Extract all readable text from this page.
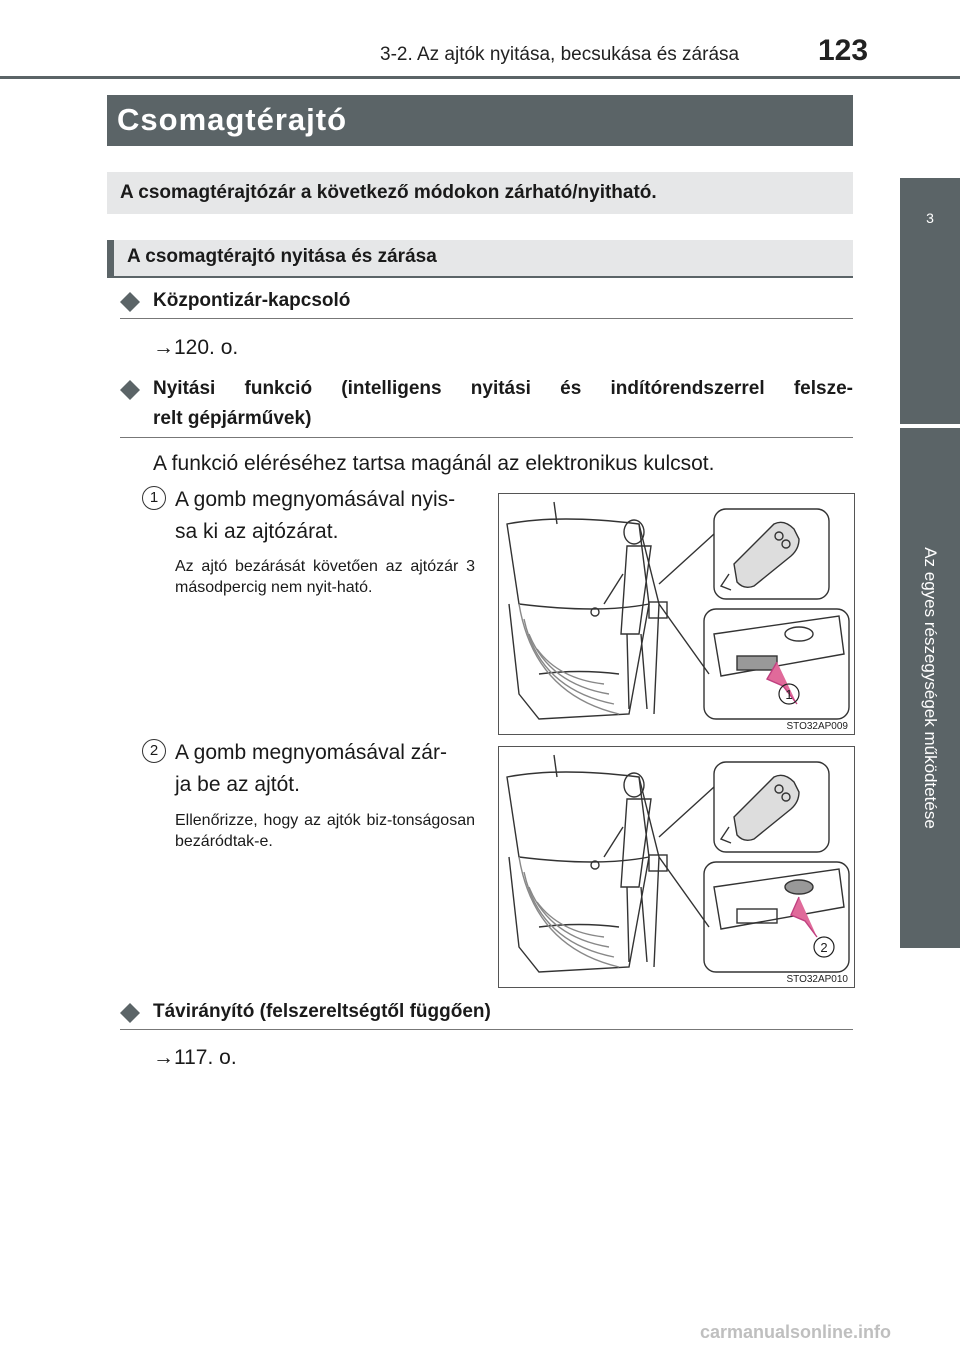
3-2. Az ajtók nyitása, becsukása és zárása	123
3
Az egyes részegységek működtetése
Csomagtérajtó
A csomagtérajtózár a következő módokon zárható/nyitható.
A csomagtérajtó nyitása és zárása
Központizár-kapcsoló
→120. o.
Nyitási funkció (intelligens nyitási és indítórendszerrel felsze-
relt gépjárművek)
A funkció eléréséhez tartsa magánál az elektronikus kulcsot.
1 A gomb megnyomásával nyis-
sa ki az ajtózárat.
Az ajtó bezárását követően az ajtózár 3 másodpercig nem nyit-ható.
1
STO32AP009
2 A gomb megnyomásával zár-
ja be az ajtót.
Ellenőrizze, hogy az ajtók biz-tonságosan bezáródtak-e.
2
STO32AP010
Távirányító (felszereltségtől függően)
→117. o.
carmanualsonline.info
